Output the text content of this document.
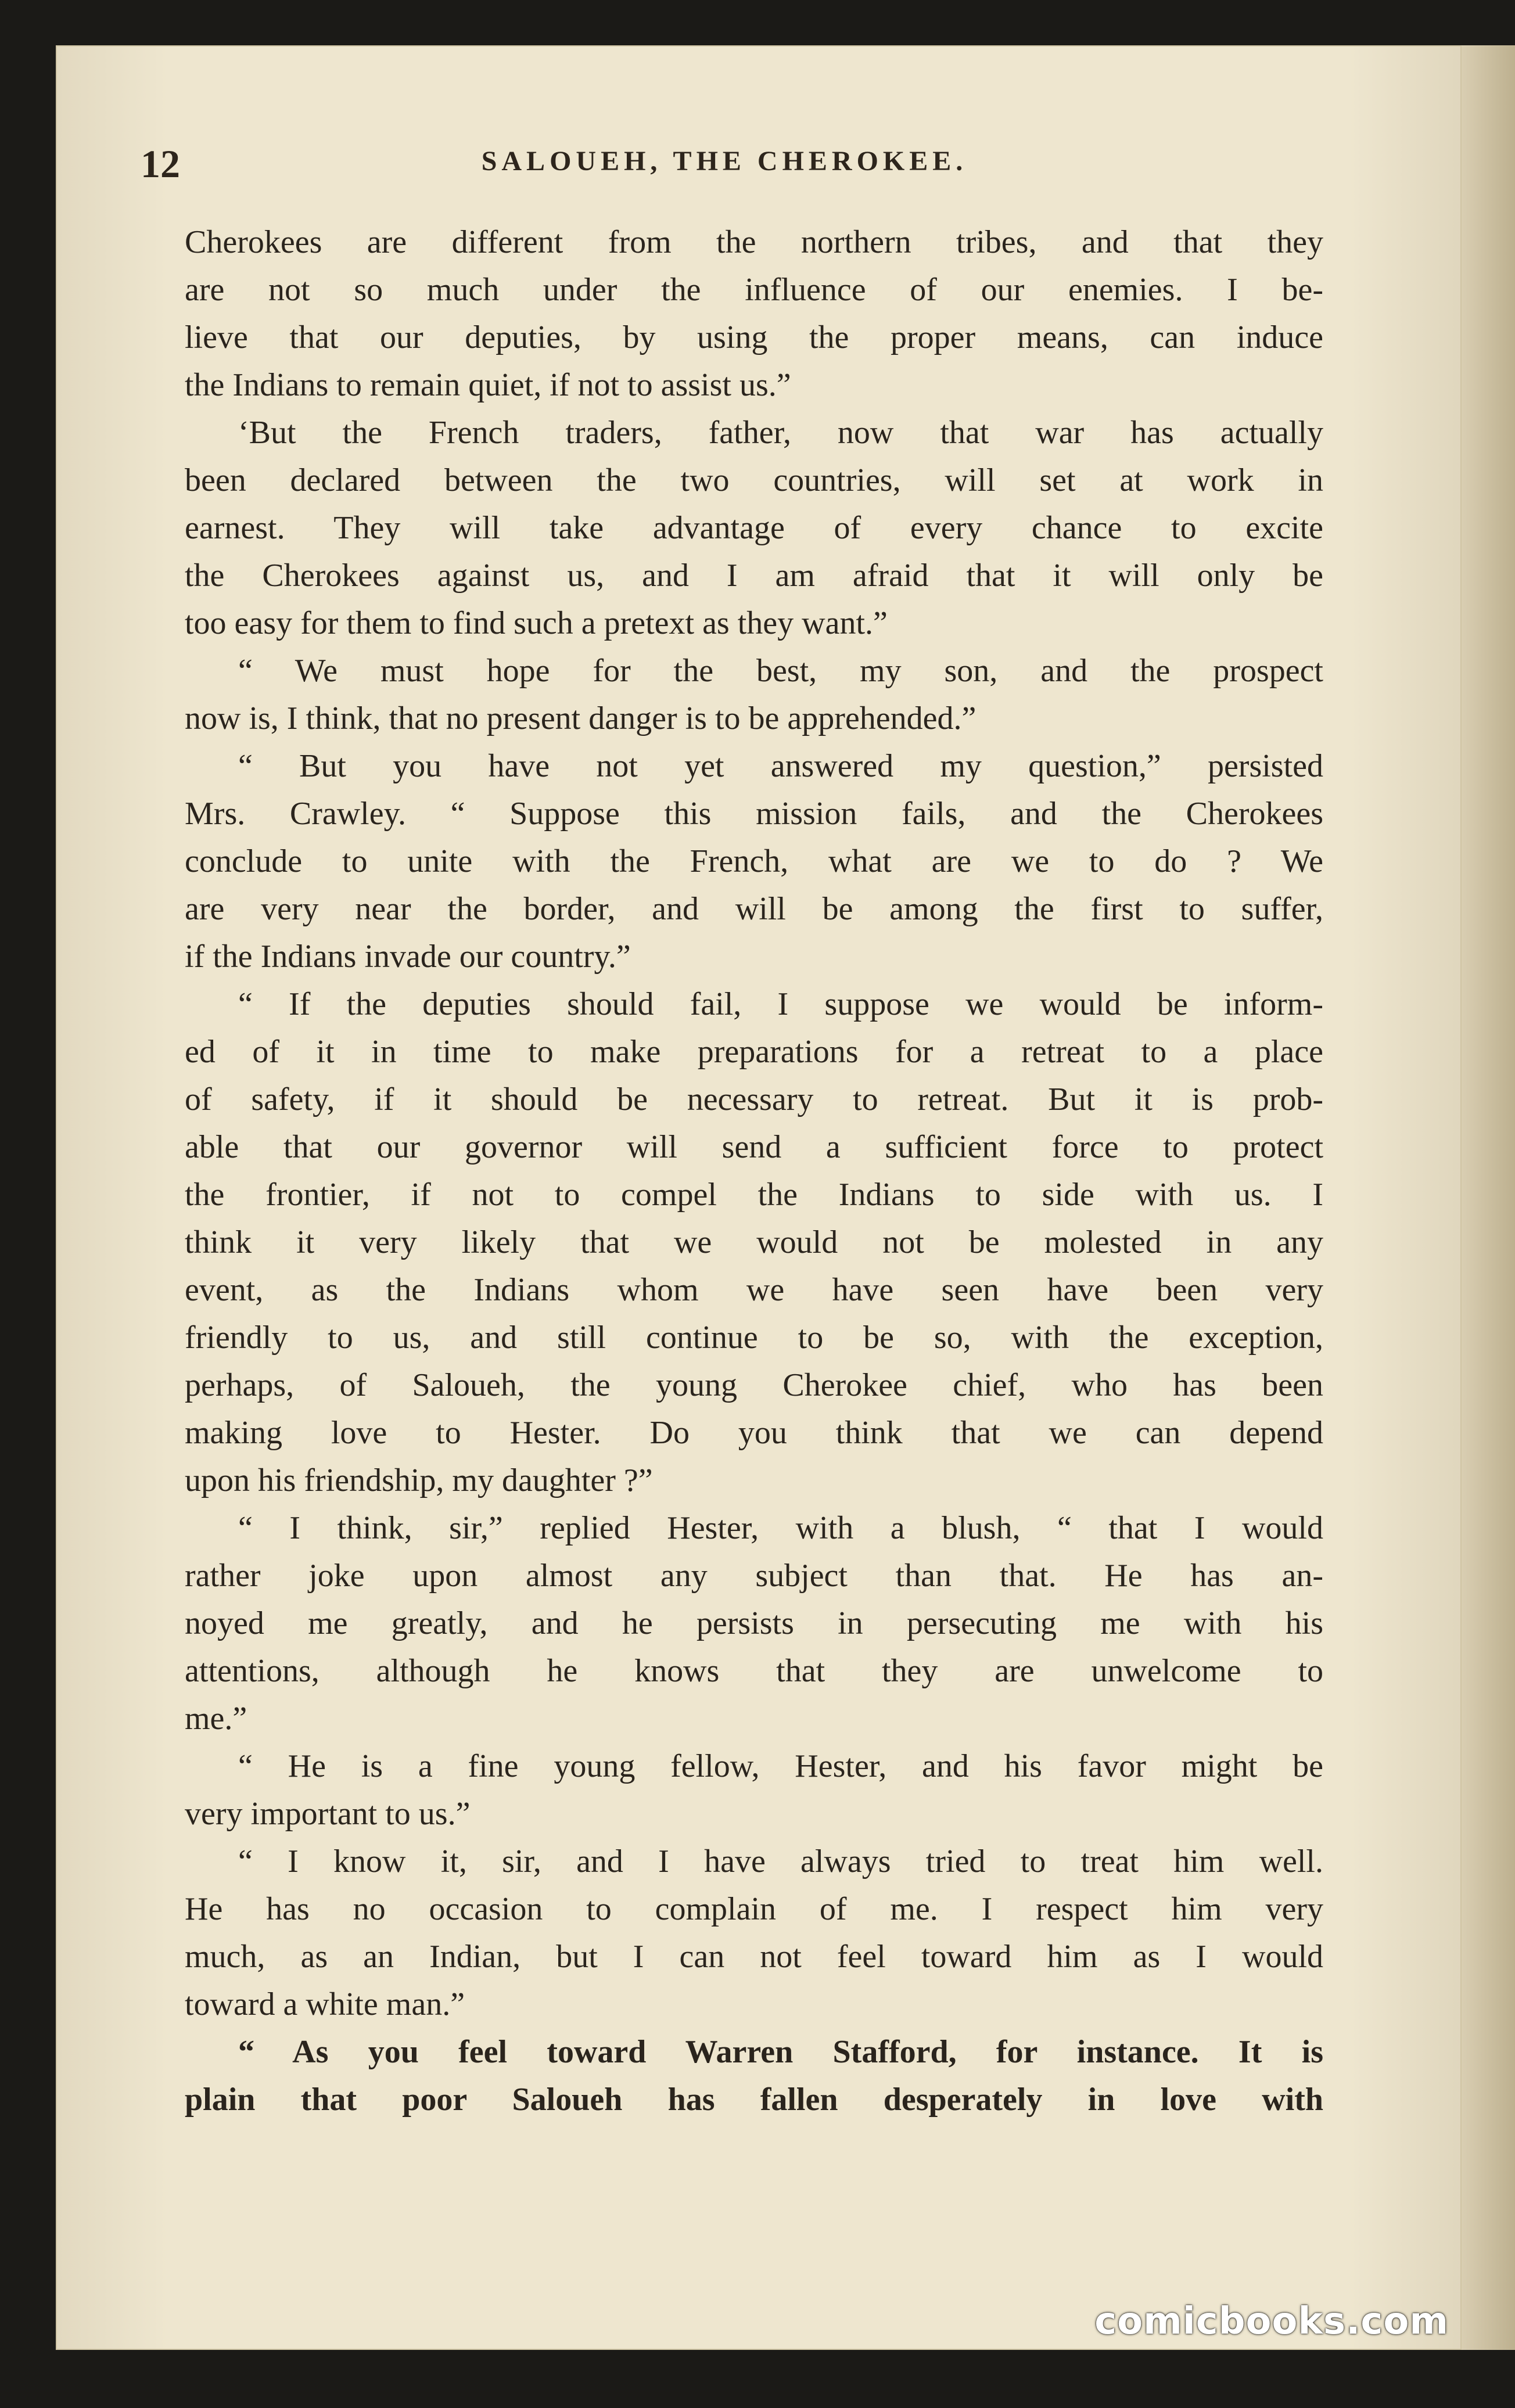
12	SALOUEH, THE CHEROKEE.
Cherokees are different from the northern tribes, and that they
are not so much under the influence of our enemies. I be-
lieve that our deputies, by using the proper means, can induce
the Indians to remain quiet, if not to assist us.”
‘But the French traders, father, now that war has actually
been declared between the two countries, will set at work in
earnest. They will take advantage of every chance to excite
the Cherokees against us, and I am afraid that it will only be
too easy for them to find such a pretext as they want.”
“ We must hope for the best, my son, and the prospect
now is, I think, that no present danger is to be apprehended.”
“ But you have not yet answered my question,” persisted
Mrs. Crawley. “ Suppose this mission fails, and the Cherokees
conclude to unite with the French, what are we to do ? We
are very near the border, and will be among the first to suffer,
if the Indians invade our country.”
“ If the deputies should fail, I suppose we would be inform-
ed of it in time to make preparations for a retreat to a place
of safety, if it should be necessary to retreat. But it is prob-
able that our governor will send a sufficient force to protect
the frontier, if not to compel the Indians to side with us. I
think it very likely that we would not be molested in any
event, as the Indians whom we have seen have been very
friendly to us, and still continue to be so, with the exception,
perhaps, of Saloueh, the young Cherokee chief, who has been
making love to Hester. Do you think that we can depend
upon his friendship, my daughter ?”
“ I think, sir,” replied Hester, with a blush, “ that I would
rather joke upon almost any subject than that. He has an-
noyed me greatly, and he persists in persecuting me with his
attentions, although he knows that they are unwelcome to
me.”
“ He is a fine young fellow, Hester, and his favor might be
very important to us.”
“ I know it, sir, and I have always tried to treat him well.
He has no occasion to complain of me. I respect him very
much, as an Indian, but I can not feel toward him as I would
toward a white man.”
“ As you feel toward Warren Stafford, for instance. It is
plain that poor Saloueh has fallen desperately in love with
comicbooks.com
